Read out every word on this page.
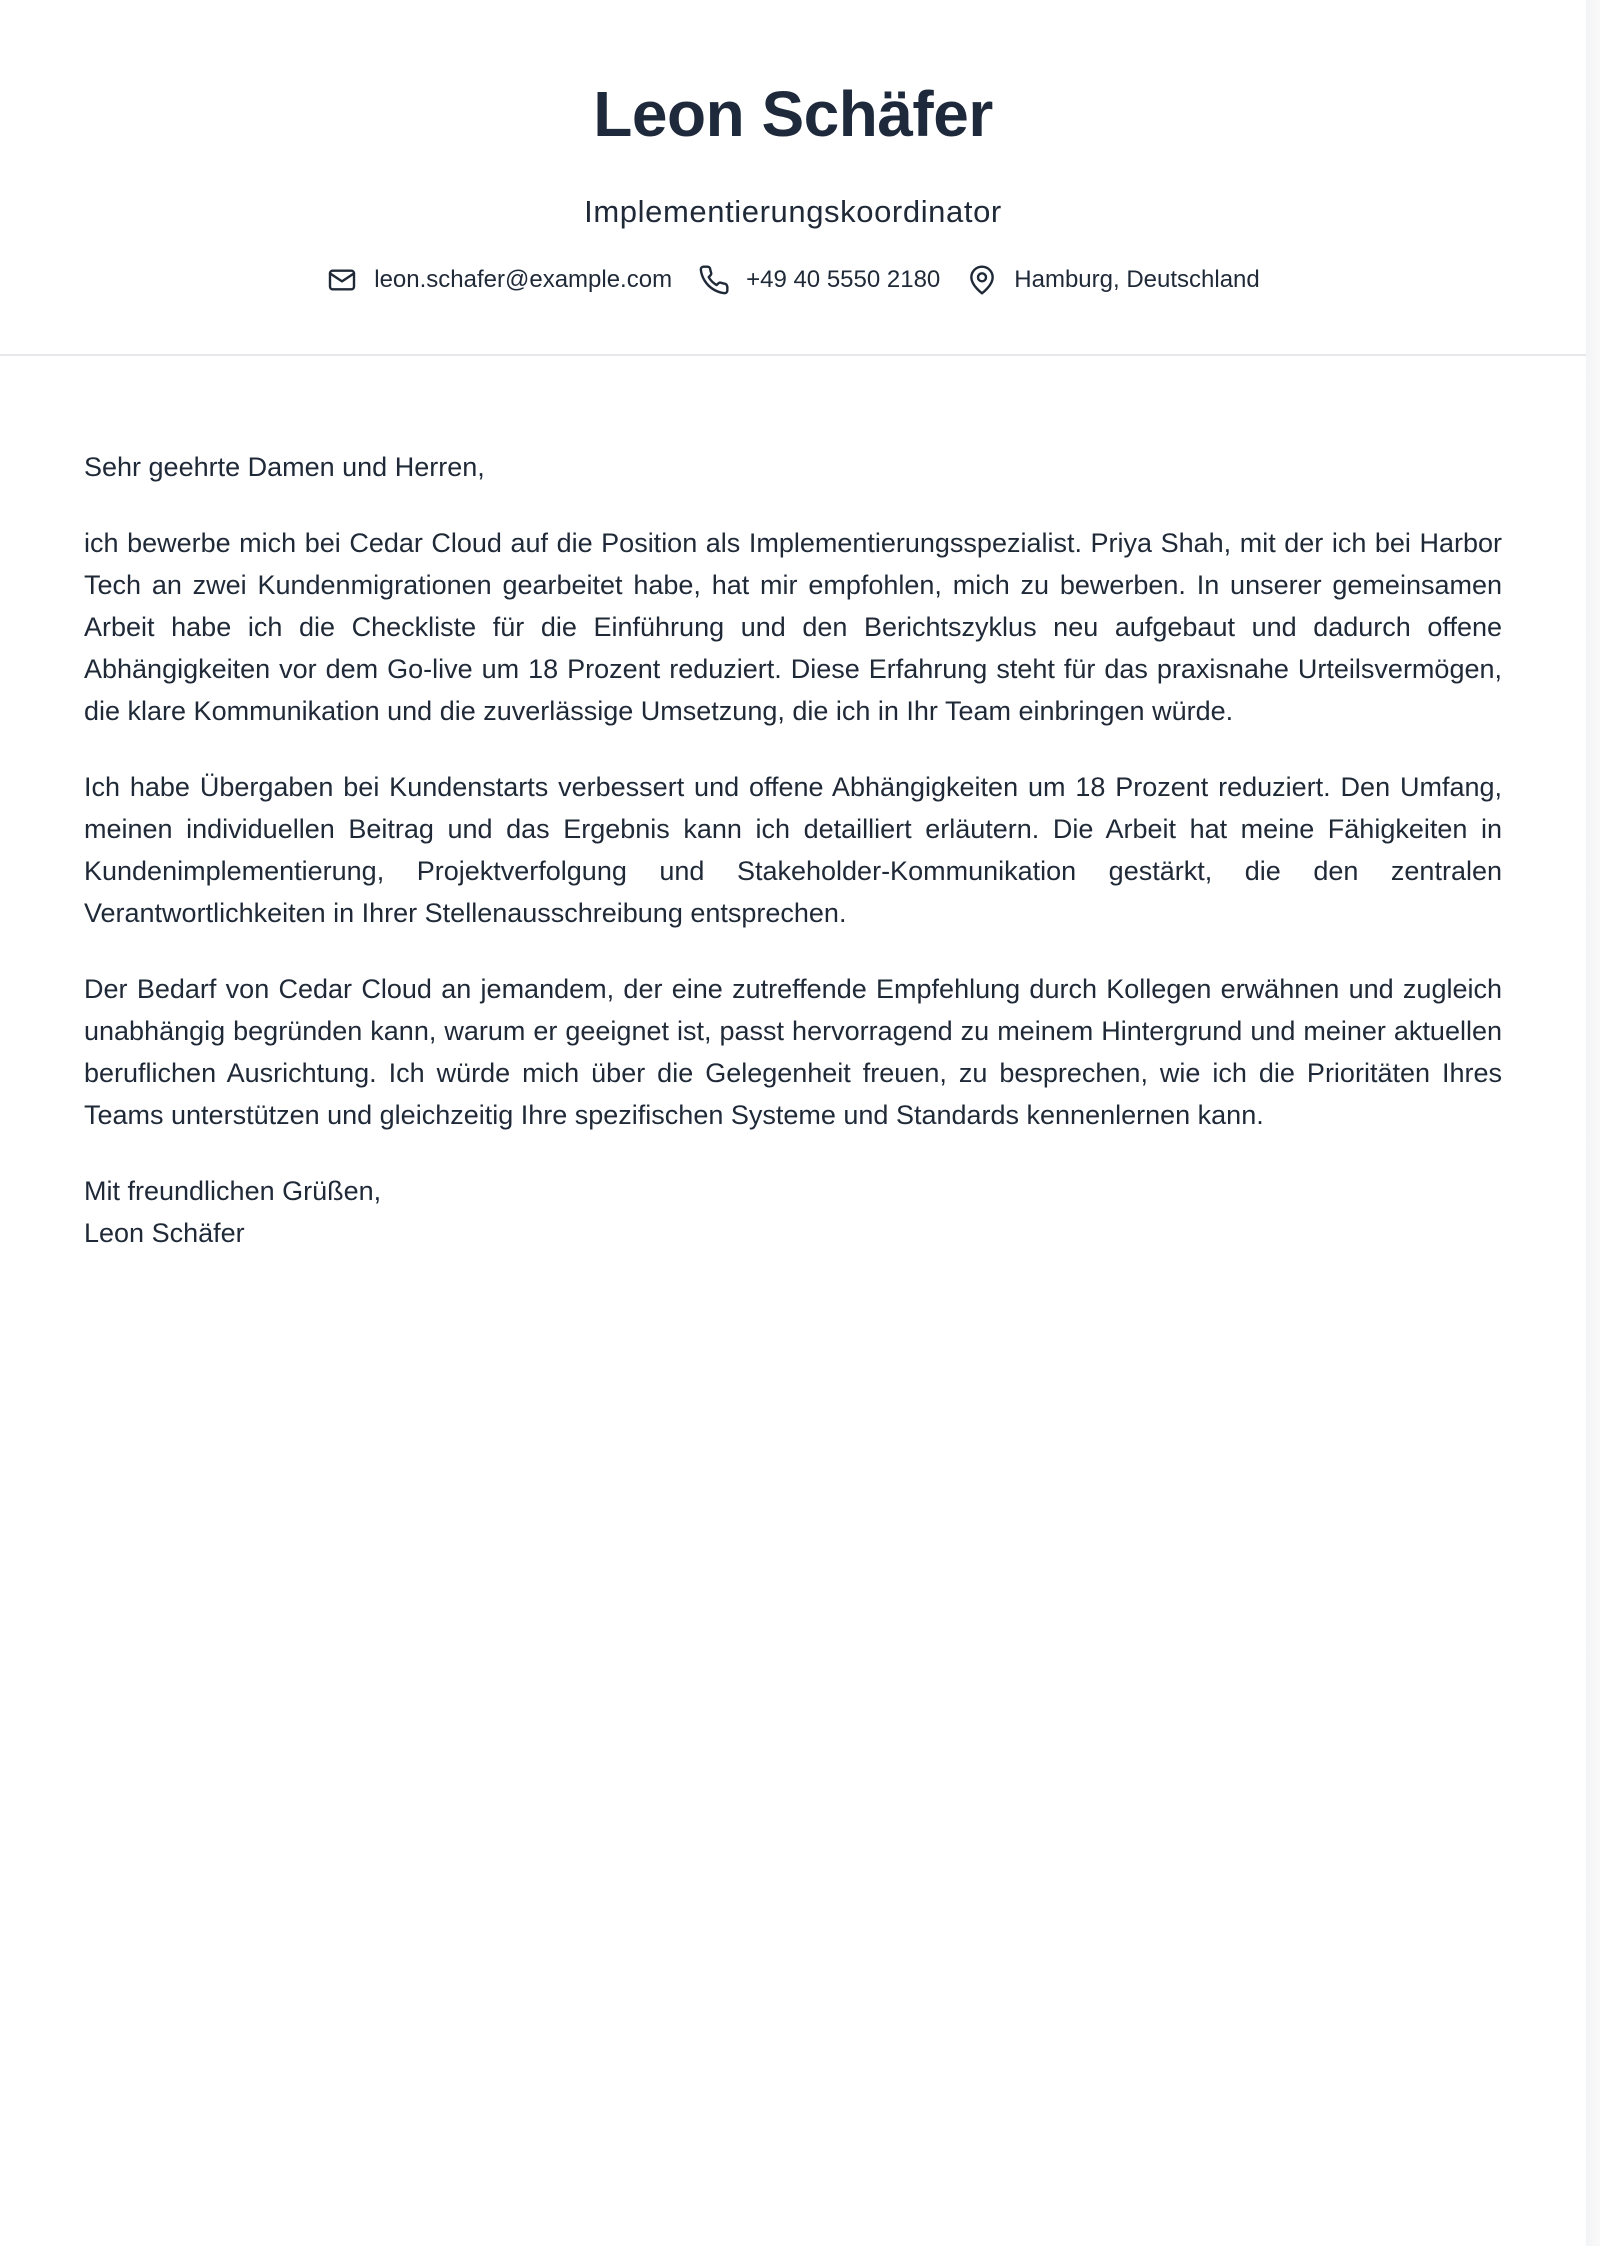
Leon Schäfer
Implementierungskoordinator
leon.schafer@example.com	+49 40 5550 2180	Hamburg, Deutschland

Sehr geehrte Damen und Herren,

ich bewerbe mich bei Cedar Cloud auf die Position als Implementierungsspezialist. Priya Shah, mit der ich bei Harbor Tech an zwei Kundenmigrationen gearbeitet habe, hat mir empfohlen, mich zu bewerben. In unserer gemeinsamen Arbeit habe ich die Checkliste für die Einführung und den Berichtszyklus neu aufgebaut und dadurch offene Abhängigkeiten vor dem Go-live um 18 Prozent reduziert. Diese Erfahrung steht für das praxisnahe Urteilsvermögen, die klare Kommunikation und die zuverlässige Umsetzung, die ich in Ihr Team einbringen würde.

Ich habe Übergaben bei Kundenstarts verbessert und offene Abhängigkeiten um 18 Prozent reduziert. Den Umfang, meinen individuellen Beitrag und das Ergebnis kann ich detailliert erläutern. Die Arbeit hat meine Fähigkeiten in Kundenimplementierung, Projektverfolgung und Stakeholder-Kommunikation gestärkt, die den zentralen Verantwortlichkeiten in Ihrer Stellenausschreibung entsprechen.

Der Bedarf von Cedar Cloud an jemandem, der eine zutreffende Empfehlung durch Kollegen erwähnen und zugleich unabhängig begründen kann, warum er geeignet ist, passt hervorragend zu meinem Hintergrund und meiner aktuellen beruflichen Ausrichtung. Ich würde mich über die Gelegenheit freuen, zu besprechen, wie ich die Prioritäten Ihres Teams unterstützen und gleichzeitig Ihre spezifischen Systeme und Standards kennenlernen kann.

Mit freundlichen Grüßen,
Leon Schäfer
